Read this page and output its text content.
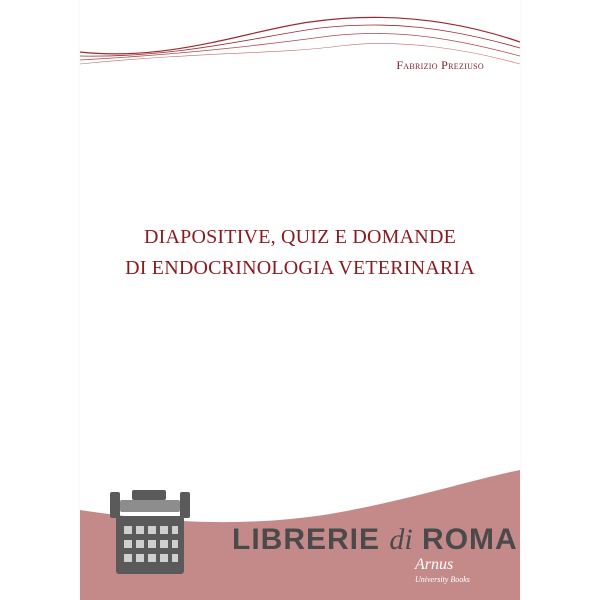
Fabrizio Preziuso
DIAPOSITIVE, QUIZ E DOMANDE
DI ENDOCRINOLOGIA VETERINARIA
LIBRERIE di ROMA
Arnus
University Books
